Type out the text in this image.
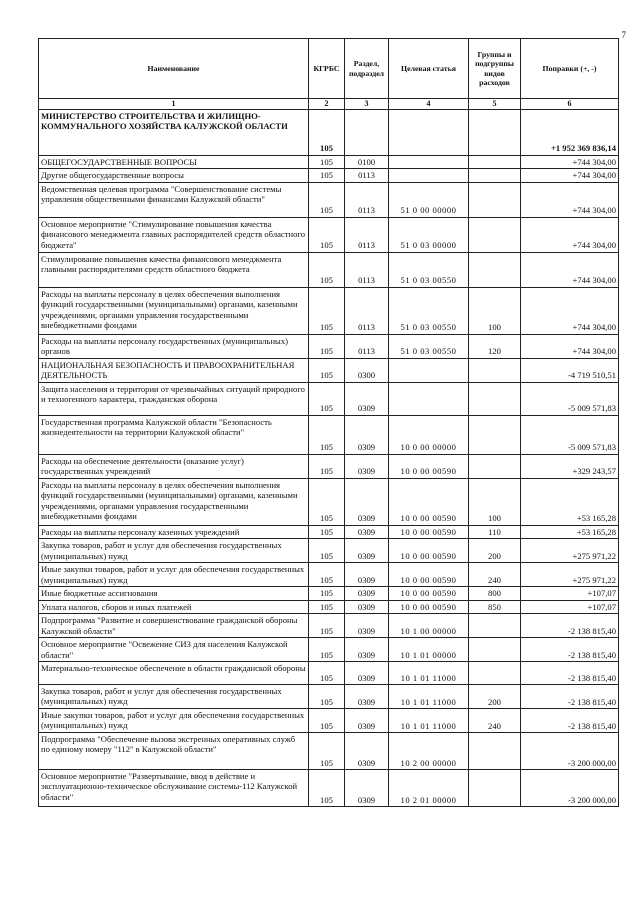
7
Наименование	КГРБС	Раздел, подраздел	Целевая статья	Группы и подгруппы видов расходов	Поправки (+, -)
1	2	3	4	5	6
МИНИСТЕРСТВО СТРОИТЕЛЬСТВА И ЖИЛИЩНО-КОММУНАЛЬНОГО ХОЗЯЙСТВА КАЛУЖСКОЙ ОБЛАСТИ	105				+1 952 369 836,14
ОБЩЕГОСУДАРСТВЕННЫЕ ВОПРОСЫ	105	0100			+744 304,00
Другие общегосударственные вопросы	105	0113			+744 304,00
Ведомственная целевая программа "Совершенствование системы управления общественными финансами Калужской области"	105	0113	51 0 00 00000		+744 304,00
Основное мероприятие "Стимулирование повышения качества финансового менеджмента главных распорядителей средств областного бюджета"	105	0113	51 0 03 00000		+744 304,00
Стимулирование повышения качества финансового менеджмента главными распорядителями средств областного бюджета	105	0113	51 0 03 00550		+744 304,00
Расходы на выплаты персоналу в целях обеспечения выполнения функций государственными (муниципальными) органами, казенными учреждениями, органами управления государственными внебюджетными фондами	105	0113	51 0 03 00550	100	+744 304,00
Расходы на выплаты персоналу государственных (муниципальных) органов	105	0113	51 0 03 00550	120	+744 304,00
НАЦИОНАЛЬНАЯ БЕЗОПАСНОСТЬ И ПРАВООХРАНИТЕЛЬНАЯ ДЕЯТЕЛЬНОСТЬ	105	0300			-4 719 510,51
Защита населения и территории от чрезвычайных ситуаций природного и техногенного характера, гражданская оборона	105	0309			-5 009 571,83
Государственная программа Калужской области "Безопасность жизнедеятельности на территории Калужской области"	105	0309	10 0 00 00000		-5 009 571,83
Расходы на обеспечение деятельности (оказание услуг) государственных учреждений	105	0309	10 0 00 00590		+329 243,57
Расходы на выплаты персоналу в целях обеспечения выполнения функций государственными (муниципальными) органами, казенными учреждениями, органами управления государственными внебюджетными фондами	105	0309	10 0 00 00590	100	+53 165,28
Расходы на выплаты персоналу казенных учреждений	105	0309	10 0 00 00590	110	+53 165,28
Закупка товаров, работ и услуг для обеспечения государственных (муниципальных) нужд	105	0309	10 0 00 00590	200	+275 971,22
Иные закупки товаров, работ и услуг для обеспечения государственных (муниципальных) нужд	105	0309	10 0 00 00590	240	+275 971,22
Иные бюджетные ассигнования	105	0309	10 0 00 00590	800	+107,07
Уплата налогов, сборов и иных платежей	105	0309	10 0 00 00590	850	+107,07
Подпрограмма "Развитие и совершенствование гражданской обороны Калужской области"	105	0309	10 1 00 00000		-2 138 815,40
Основное мероприятие "Освежение СИЗ для населения Калужской области"	105	0309	10 1 01 00000		-2 138 815,40
Материально-техническое обеспечение в области гражданской обороны	105	0309	10 1 01 11000		-2 138 815,40
Закупка товаров, работ и услуг для обеспечения государственных (муниципальных) нужд	105	0309	10 1 01 11000	200	-2 138 815,40
Иные закупки товаров, работ и услуг для обеспечения государственных (муниципальных) нужд	105	0309	10 1 01 11000	240	-2 138 815,40
Подпрограмма "Обеспечение вызова экстренных оперативных служб по единому номеру "112" в Калужской области"	105	0309	10 2 00 00000		-3 200 000,00
Основное мероприятие "Развертывание, ввод в действие и эксплуатационно-техническое обслуживание системы-112 Калужской области"	105	0309	10 2 01 00000		-3 200 000,00
